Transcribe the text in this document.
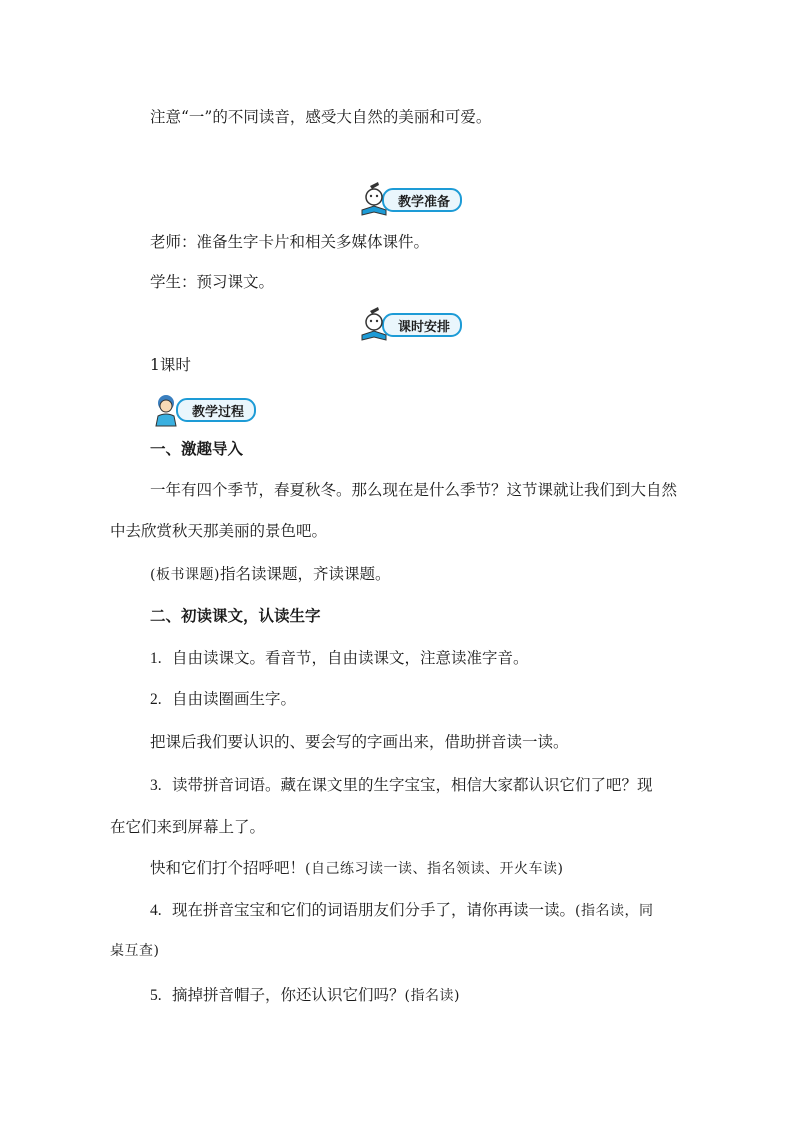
注意“一”的不同读音，感受大自然的美丽和可爱。
教学准备
老师：准备生字卡片和相关多媒体课件。
学生：预习课文。
课时安排
1课时
教学过程
一、激趣导入
一年有四个季节，春夏秋冬。那么现在是什么季节？这节课就让我们到大自然
中去欣赏秋天那美丽的景色吧。
(板书课题)指名读课题，齐读课题。
二、初读课文，认读生字
1. 自由读课文。看音节，自由读课文，注意读准字音。
2. 自由读圈画生字。
把课后我们要认识的、要会写的字画出来，借助拼音读一读。
3. 读带拼音词语。藏在课文里的生字宝宝，相信大家都认识它们了吧？现
在它们来到屏幕上了。
快和它们打个招呼吧！(自己练习读一读、指名领读、开火车读)
4. 现在拼音宝宝和它们的词语朋友们分手了，请你再读一读。(指名读，同
桌互查)
5. 摘掉拼音帽子，你还认识它们吗？(指名读)
